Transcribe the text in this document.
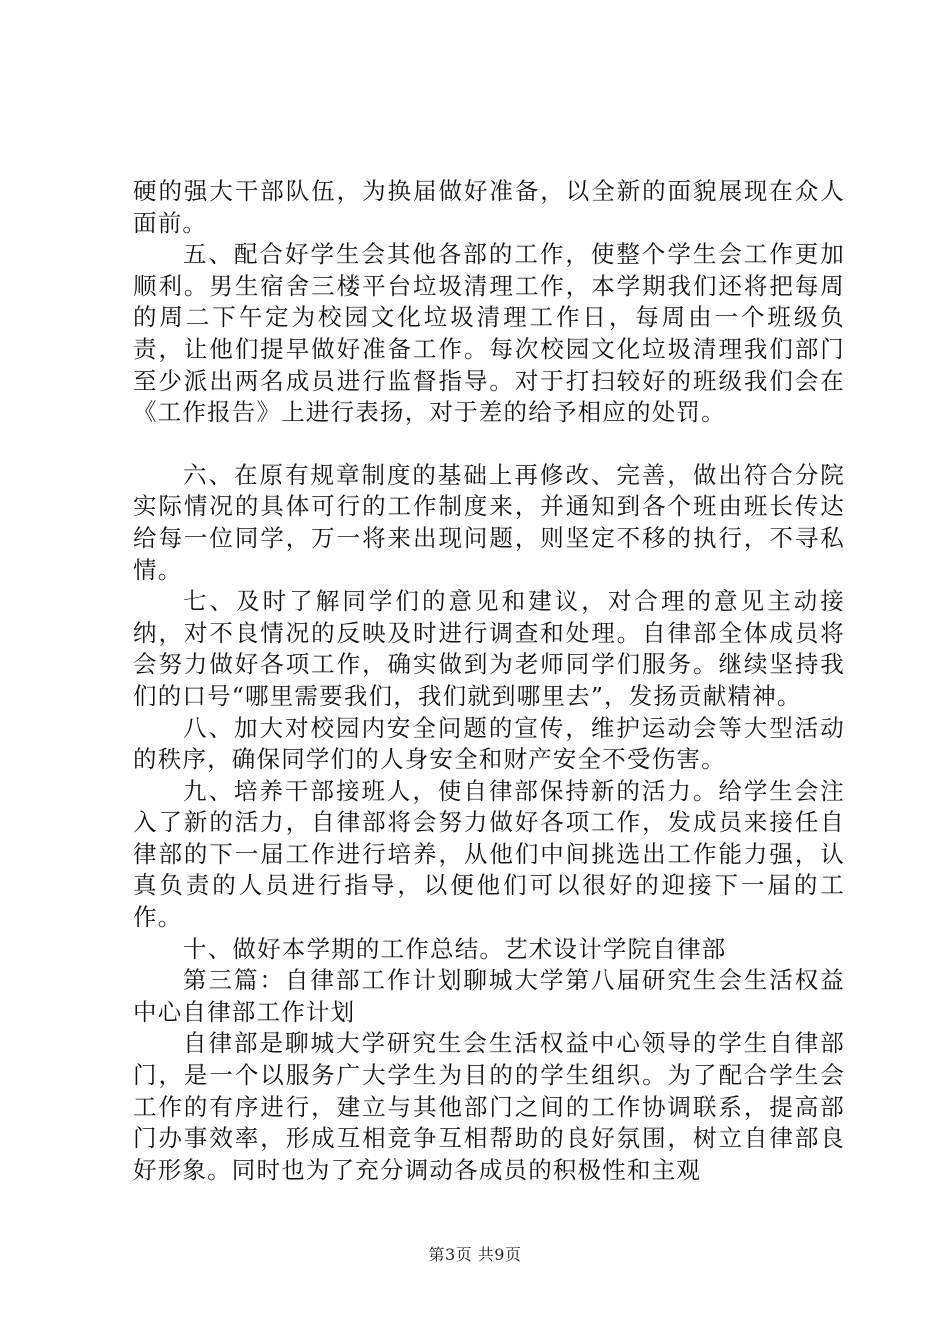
硬的强大干部队伍，为换届做好准备，以全新的面貌展现在众人面前。

五、配合好学生会其他各部的工作，使整个学生会工作更加顺利。男生宿舍三楼平台垃圾清理工作，本学期我们还将把每周的周二下午定为校园文化垃圾清理工作日，每周由一个班级负责，让他们提早做好准备工作。每次校园文化垃圾清理我们部门至少派出两名成员进行监督指导。对于打扫较好的班级我们会在《工作报告》上进行表扬，对于差的给予相应的处罚。

六、在原有规章制度的基础上再修改、完善，做出符合分院实际情况的具体可行的工作制度来，并通知到各个班由班长传达给每一位同学，万一将来出现问题，则坚定不移的执行，不寻私情。

七、及时了解同学们的意见和建议，对合理的意见主动接纳，对不良情况的反映及时进行调查和处理。自律部全体成员将会努力做好各项工作，确实做到为老师同学们服务。继续坚持我们的口号“哪里需要我们，我们就到哪里去”，发扬贡献精神。

八、加大对校园内安全问题的宣传，维护运动会等大型活动的秩序，确保同学们的人身安全和财产安全不受伤害。

九、培养干部接班人，使自律部保持新的活力。给学生会注入了新的活力，自律部将会努力做好各项工作，发成员来接任自律部的下一届工作进行培养，从他们中间挑选出工作能力强，认真负责的人员进行指导，以便他们可以很好的迎接下一届的工作。

十、做好本学期的工作总结。艺术设计学院自律部

第三篇：自律部工作计划聊城大学第八届研究生会生活权益中心自律部工作计划

自律部是聊城大学研究生会生活权益中心领导的学生自律部门，是一个以服务广大学生为目的的学生组织。为了配合学生会工作的有序进行，建立与其他部门之间的工作协调联系，提高部门办事效率，形成互相竞争互相帮助的良好氛围，树立自律部良好形象。同时也为了充分调动各成员的积极性和主观

第3页 共9页
